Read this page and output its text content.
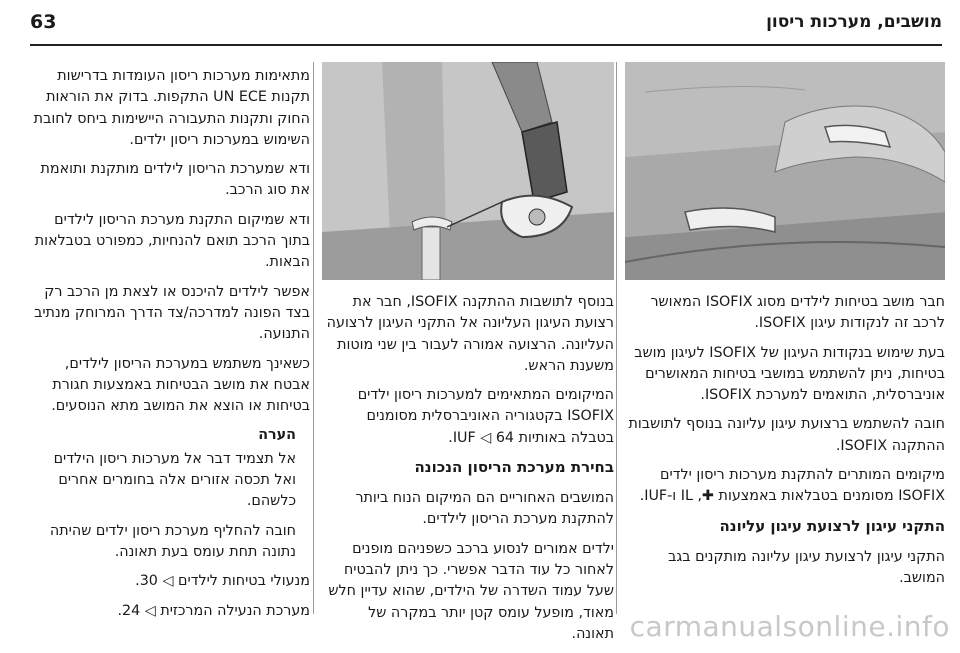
מושבים, מערכות ריסון
63

חבר מושב בטיחות לילדים מסוג ISOFIX המאושר לרכב זה לנקודות עיגון ISOFIX.

בעת שימוש בנקודות העיגון של ISOFIX לעיגון מושב בטיחות, ניתן להשתמש במושבי בטיחות המאושרים אוניברסלית, התואמים למערכת ISOFIX.

חובה להשתמש ברצועת עיגון עליונה בנוסף לתושבות ההתקנה ISOFIX.

מיקומים המותרים להתקנת מערכות ריסון ילדים ISOFIX מסומנים בטבלאות באמצעות ✚, IL ו-IUF.

התקני עיגון לרצועת עיגון עליונה

התקני עיגון לרצועת עיגון עליונה מותקנים בגב המושב.

בנוסף לתושבות ההתקנה ISOFIX, חבר את רצועת העיגון העליונה אל התקני העיגון לרצועה העליונה. הרצועה אמורה לעבור בין שני מוטות משענת הראש.

המיקומים המתאימים למערכות ריסון ילדים ISOFIX בקטגוריה האוניברסלית מסומנים בטבלה באותיות IUF ◁ 64.

בחירת מערכת הריסון הנכונה

המושבים האחוריים הם המיקום הנוח ביותר להתקנת מערכת הריסון לילדים.

ילדים אמורים לנסוע ברכב כשפניהם מופנים לאחור כל עוד הדבר אפשרי. כך ניתן להבטיח שעל עמוד השדרה של הילדים, שהוא עדיין חלש מאוד, מופעל עומס קטן יותר במקרה של תאונה.

מתאימות מערכות ריסון העומדות בדרישות תקנות UN ECE התקפות. בדוק את הוראות החוק ותקנות התעבורה היישימות ביחס לחובת השימוש במערכות ריסון ילדים.

ודא שמערכת הריסון לילדים מותקנת ותואמת את סוג הרכב.

ודא שמיקום התקנת מערכת הריסון לילדים בתוך הרכב תואם להנחיות, כמפורט בטבלאות הבאות.

אפשר לילדים להיכנס או לצאת מן הרכב רק בצד הפונה למדרכה/צד הדרך המרוחק מנתיב התנועה.

כשאינך משתמש במערכת הריסון לילדים, אבטח את מושב הבטיחות באמצעות חגורת בטיחות או הוצא את המושב מתא הנוסעים.

הערה

אל תצמיד דבר אל מערכות ריסון הילדים ואל תכסה אזורים אלה בחומרים אחרים כלשהם.

חובה להחליף מערכת ריסון ילדים שהיתה נתונה תחת עומס בעת תאונה.

מנעולי בטיחות לילדים ◁ 30.

מערכת הנעילה המרכזית ◁ 24.	carmanualsonline.info
